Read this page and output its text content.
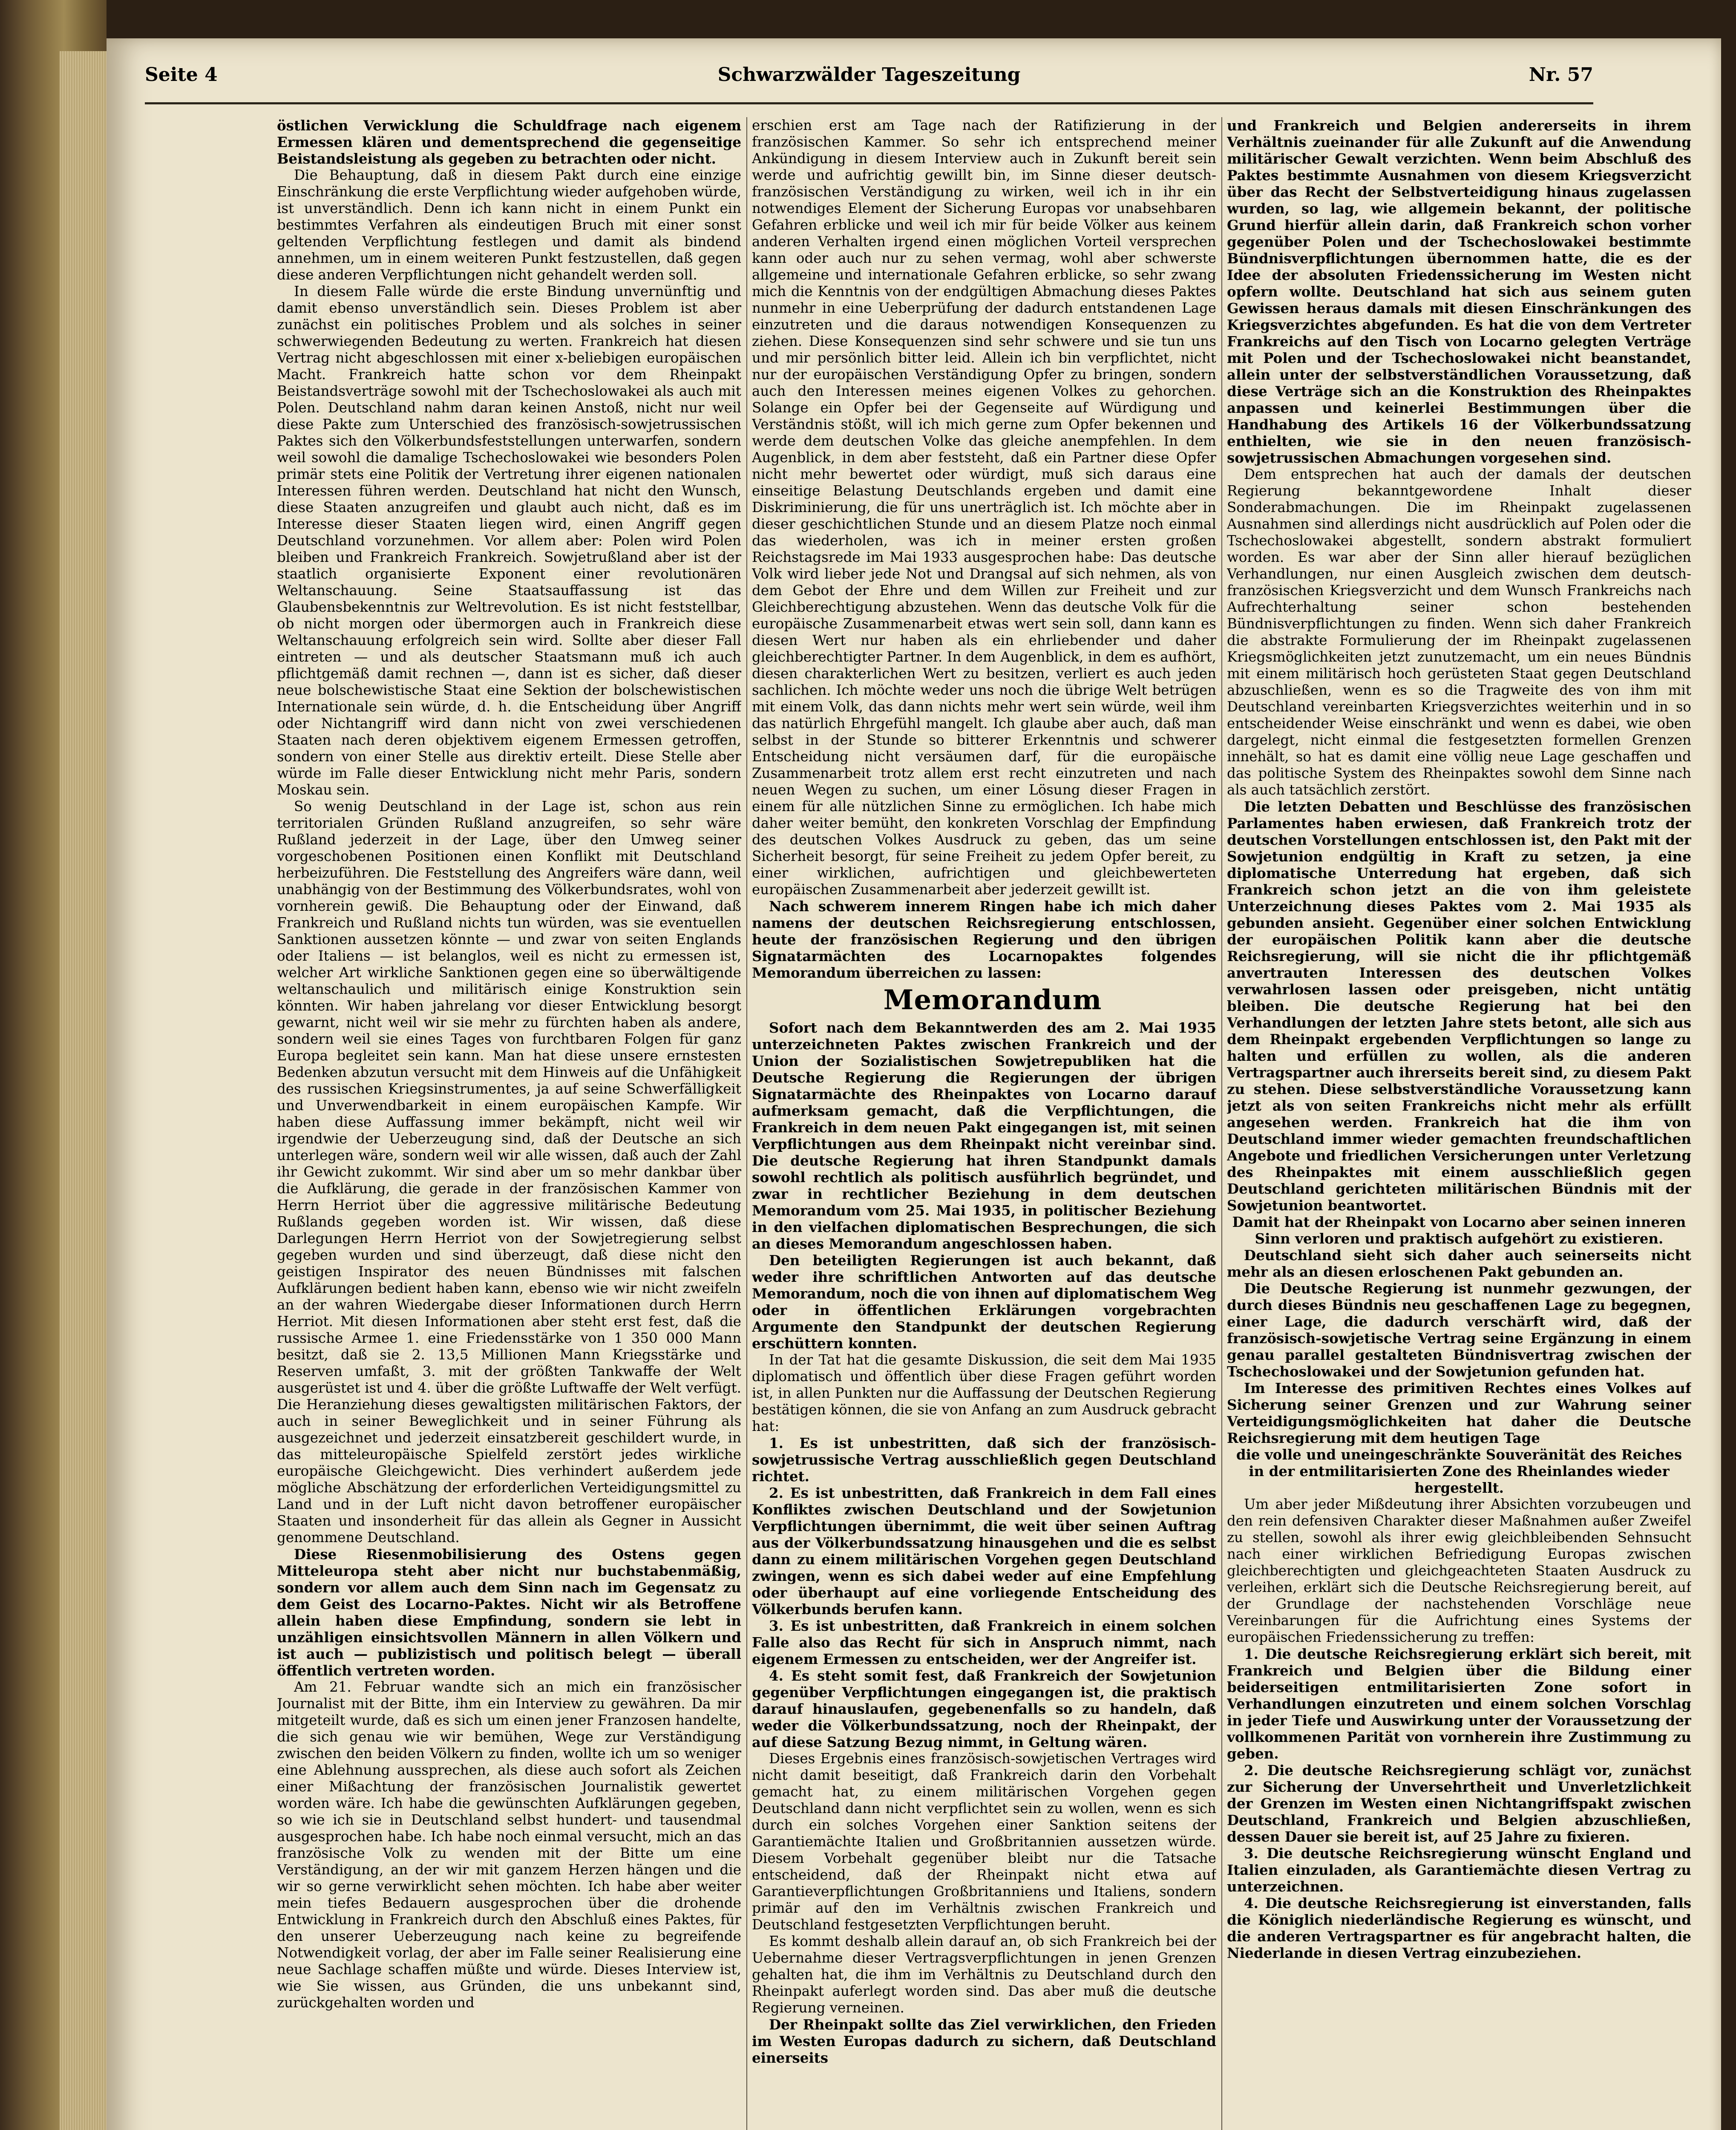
Seite 4	Schwarzwälder Tageszeitung	Nr. 57

östlichen Verwicklung die Schuldfrage nach eigenem Ermessen klären und dementsprechend die gegenseitige Beistandsleistung als gegeben zu betrachten oder nicht.

Die Behauptung, daß in diesem Pakt durch eine einzige Einschränkung die erste Verpflichtung wieder aufgehoben würde, ist unverständlich. Denn ich kann nicht in einem Punkt ein bestimmtes Verfahren als eindeutigen Bruch mit einer sonst geltenden Verpflichtung festlegen und damit als bindend annehmen, um in einem weiteren Punkt festzustellen, daß gegen diese anderen Verpflichtungen nicht gehandelt werden soll.

In diesem Falle würde die erste Bindung unvernünftig und damit ebenso unverständlich sein. Dieses Problem ist aber zunächst ein politisches Problem und als solches in seiner schwerwiegenden Bedeutung zu werten. Frankreich hat diesen Vertrag nicht abgeschlossen mit einer x-beliebigen europäischen Macht. Frankreich hatte schon vor dem Rheinpakt Beistandsverträge sowohl mit der Tschechoslowakei als auch mit Polen. Deutschland nahm daran keinen Anstoß, nicht nur weil diese Pakte zum Unterschied des französisch-sowjetrussischen Paktes sich den Völkerbundsfeststellungen unterwarfen, sondern weil sowohl die damalige Tschechoslowakei wie besonders Polen primär stets eine Politik der Vertretung ihrer eigenen nationalen Interessen führen werden. Deutschland hat nicht den Wunsch, diese Staaten anzugreifen und glaubt auch nicht, daß es im Interesse dieser Staaten liegen wird, einen Angriff gegen Deutschland vorzunehmen. Vor allem aber: Polen wird Polen bleiben und Frankreich Frankreich. Sowjetrußland aber ist der staatlich organisierte Exponent einer revolutionären Weltanschauung. Seine Staatsauffassung ist das Glaubensbekenntnis zur Weltrevolution. Es ist nicht feststellbar, ob nicht morgen oder übermorgen auch in Frankreich diese Weltanschauung erfolgreich sein wird. Sollte aber dieser Fall eintreten — und als deutscher Staatsmann muß ich auch pflichtgemäß damit rechnen —, dann ist es sicher, daß dieser neue bolschewistische Staat eine Sektion der bolschewistischen Internationale sein würde, d. h. die Entscheidung über Angriff oder Nichtangriff wird dann nicht von zwei verschiedenen Staaten nach deren objektivem eigenem Ermessen getroffen, sondern von einer Stelle aus direktiv erteilt. Diese Stelle aber würde im Falle dieser Entwicklung nicht mehr Paris, sondern Moskau sein.

So wenig Deutschland in der Lage ist, schon aus rein territorialen Gründen Rußland anzugreifen, so sehr wäre Rußland jederzeit in der Lage, über den Umweg seiner vorgeschobenen Positionen einen Konflikt mit Deutschland herbeizuführen. Die Feststellung des Angreifers wäre dann, weil unabhängig von der Bestimmung des Völkerbundsrates, wohl von vornherein gewiß. Die Behauptung oder der Einwand, daß Frankreich und Rußland nichts tun würden, was sie eventuellen Sanktionen aussetzen könnte — und zwar von seiten Englands oder Italiens — ist belanglos, weil es nicht zu ermessen ist, welcher Art wirkliche Sanktionen gegen eine so überwältigende weltanschaulich und militärisch einige Konstruktion sein könnten. Wir haben jahrelang vor dieser Entwicklung besorgt gewarnt, nicht weil wir sie mehr zu fürchten haben als andere, sondern weil sie eines Tages von furchtbaren Folgen für ganz Europa begleitet sein kann. Man hat diese unsere ernstesten Bedenken abzutun versucht mit dem Hinweis auf die Unfähigkeit des russischen Kriegsinstrumentes, ja auf seine Schwerfälligkeit und Unverwendbarkeit in einem europäischen Kampfe. Wir haben diese Auffassung immer bekämpft, nicht weil wir irgendwie der Ueberzeugung sind, daß der Deutsche an sich unterlegen wäre, sondern weil wir alle wissen, daß auch der Zahl ihr Gewicht zukommt. Wir sind aber um so mehr dankbar über die Aufklärung, die gerade in der französischen Kammer von Herrn Herriot über die aggressive militärische Bedeutung Rußlands gegeben worden ist. Wir wissen, daß diese Darlegungen Herrn Herriot von der Sowjetregierung selbst gegeben wurden und sind überzeugt, daß diese nicht den geistigen Inspirator des neuen Bündnisses mit falschen Aufklärungen bedient haben kann, ebenso wie wir nicht zweifeln an der wahren Wiedergabe dieser Informationen durch Herrn Herriot. Mit diesen Informationen aber steht erst fest, daß die russische Armee 1. eine Friedensstärke von 1 350 000 Mann besitzt, daß sie 2. 13,5 Millionen Mann Kriegsstärke und Reserven umfaßt, 3. mit der größten Tankwaffe der Welt ausgerüstet ist und 4. über die größte Luftwaffe der Welt verfügt. Die Heranziehung dieses gewaltigsten militärischen Faktors, der auch in seiner Beweglichkeit und in seiner Führung als ausgezeichnet und jederzeit einsatzbereit geschildert wurde, in das mitteleuropäische Spielfeld zerstört jedes wirkliche europäische Gleichgewicht. Dies verhindert außerdem jede mögliche Abschätzung der erforderlichen Verteidigungsmittel zu Land und in der Luft nicht davon betroffener europäischer Staaten und insonderheit für das allein als Gegner in Aussicht genommene Deutschland.

Diese Riesenmobilisierung des Ostens gegen Mitteleuropa steht aber nicht nur buchstabenmäßig, sondern vor allem auch dem Sinn nach im Gegensatz zu dem Geist des Locarno-Paktes. Nicht wir als Betroffene allein haben diese Empfindung, sondern sie lebt in unzähligen einsichtsvollen Männern in allen Völkern und ist auch — publizistisch und politisch belegt — überall öffentlich vertreten worden.

Am 21. Februar wandte sich an mich ein französischer Journalist mit der Bitte, ihm ein Interview zu gewähren. Da mir mitgeteilt wurde, daß es sich um einen jener Franzosen handelte, die sich genau wie wir bemühen, Wege zur Verständigung zwischen den beiden Völkern zu finden, wollte ich um so weniger eine Ablehnung aussprechen, als diese auch sofort als Zeichen einer Mißachtung der französischen Journalistik gewertet worden wäre. Ich habe die gewünschten Aufklärungen gegeben, so wie ich sie in Deutschland selbst hundert- und tausendmal ausgesprochen habe. Ich habe noch einmal versucht, mich an das französische Volk zu wenden mit der Bitte um eine Verständigung, an der wir mit ganzem Herzen hängen und die wir so gerne verwirklicht sehen möchten. Ich habe aber weiter mein tiefes Bedauern ausgesprochen über die drohende Entwicklung in Frankreich durch den Abschluß eines Paktes, für den unserer Ueberzeugung nach keine zu begreifende Notwendigkeit vorlag, der aber im Falle seiner Realisierung eine neue Sachlage schaffen müßte und würde. Dieses Interview ist, wie Sie wissen, aus Gründen, die uns unbekannt sind, zurückgehalten worden und

erschien erst am Tage nach der Ratifizierung in der französischen Kammer. So sehr ich entsprechend meiner Ankündigung in diesem Interview auch in Zukunft bereit sein werde und aufrichtig gewillt bin, im Sinne dieser deutsch-französischen Verständigung zu wirken, weil ich in ihr ein notwendiges Element der Sicherung Europas vor unabsehbaren Gefahren erblicke und weil ich mir für beide Völker aus keinem anderen Verhalten irgend einen möglichen Vorteil versprechen kann oder auch nur zu sehen vermag, wohl aber schwerste allgemeine und internationale Gefahren erblicke, so sehr zwang mich die Kenntnis von der endgültigen Abmachung dieses Paktes nunmehr in eine Ueberprüfung der dadurch entstandenen Lage einzutreten und die daraus notwendigen Konsequenzen zu ziehen. Diese Konsequenzen sind sehr schwere und sie tun uns und mir persönlich bitter leid. Allein ich bin verpflichtet, nicht nur der europäischen Verständigung Opfer zu bringen, sondern auch den Interessen meines eigenen Volkes zu gehorchen. Solange ein Opfer bei der Gegenseite auf Würdigung und Verständnis stößt, will ich mich gerne zum Opfer bekennen und werde dem deutschen Volke das gleiche anempfehlen. In dem Augenblick, in dem aber feststeht, daß ein Partner diese Opfer nicht mehr bewertet oder würdigt, muß sich daraus eine einseitige Belastung Deutschlands ergeben und damit eine Diskriminierung, die für uns unerträglich ist. Ich möchte aber in dieser geschichtlichen Stunde und an diesem Platze noch einmal das wiederholen, was ich in meiner ersten großen Reichstagsrede im Mai 1933 ausgesprochen habe: Das deutsche Volk wird lieber jede Not und Drangsal auf sich nehmen, als von dem Gebot der Ehre und dem Willen zur Freiheit und zur Gleichberechtigung abzustehen. Wenn das deutsche Volk für die europäische Zusammenarbeit etwas wert sein soll, dann kann es diesen Wert nur haben als ein ehrliebender und daher gleichberechtigter Partner. In dem Augenblick, in dem es aufhört, diesen charakterlichen Wert zu besitzen, verliert es auch jeden sachlichen. Ich möchte weder uns noch die übrige Welt betrügen mit einem Volk, das dann nichts mehr wert sein würde, weil ihm das natürlich Ehrgefühl mangelt. Ich glaube aber auch, daß man selbst in der Stunde so bitterer Erkenntnis und schwerer Entscheidung nicht versäumen darf, für die europäische Zusammenarbeit trotz allem erst recht einzutreten und nach neuen Wegen zu suchen, um einer Lösung dieser Fragen in einem für alle nützlichen Sinne zu ermöglichen. Ich habe mich daher weiter bemüht, den konkreten Vorschlag der Empfindung des deutschen Volkes Ausdruck zu geben, das um seine Sicherheit besorgt, für seine Freiheit zu jedem Opfer bereit, zu einer wirklichen, aufrichtigen und gleichbewerteten europäischen Zusammenarbeit aber jederzeit gewillt ist.

Nach schwerem innerem Ringen habe ich mich daher namens der deutschen Reichsregierung entschlossen, heute der französischen Regierung und den übrigen Signatarmächten des Locarnopaktes folgendes Memorandum überreichen zu lassen:

Memorandum

Sofort nach dem Bekanntwerden des am 2. Mai 1935 unterzeichneten Paktes zwischen Frankreich und der Union der Sozialistischen Sowjetrepubliken hat die Deutsche Regierung die Regierungen der übrigen Signatarmächte des Rheinpaktes von Locarno darauf aufmerksam gemacht, daß die Verpflichtungen, die Frankreich in dem neuen Pakt eingegangen ist, mit seinen Verpflichtungen aus dem Rheinpakt nicht vereinbar sind. Die deutsche Regierung hat ihren Standpunkt damals sowohl rechtlich als politisch ausführlich begründet, und zwar in rechtlicher Beziehung in dem deutschen Memorandum vom 25. Mai 1935, in politischer Beziehung in den vielfachen diplomatischen Besprechungen, die sich an dieses Memorandum angeschlossen haben.

Den beteiligten Regierungen ist auch bekannt, daß weder ihre schriftlichen Antworten auf das deutsche Memorandum, noch die von ihnen auf diplomatischem Weg oder in öffentlichen Erklärungen vorgebrachten Argumente den Standpunkt der deutschen Regierung erschüttern konnten.

In der Tat hat die gesamte Diskussion, die seit dem Mai 1935 diplomatisch und öffentlich über diese Fragen geführt worden ist, in allen Punkten nur die Auffassung der Deutschen Regierung bestätigen können, die sie von Anfang an zum Ausdruck gebracht hat:

1. Es ist unbestritten, daß sich der französisch-sowjetrussische Vertrag ausschließlich gegen Deutschland richtet.

2. Es ist unbestritten, daß Frankreich in dem Fall eines Konfliktes zwischen Deutschland und der Sowjetunion Verpflichtungen übernimmt, die weit über seinen Auftrag aus der Völkerbundssatzung hinausgehen und die es selbst dann zu einem militärischen Vorgehen gegen Deutschland zwingen, wenn es sich dabei weder auf eine Empfehlung oder überhaupt auf eine vorliegende Entscheidung des Völkerbunds berufen kann.

3. Es ist unbestritten, daß Frankreich in einem solchen Falle also das Recht für sich in Anspruch nimmt, nach eigenem Ermessen zu entscheiden, wer der Angreifer ist.

4. Es steht somit fest, daß Frankreich der Sowjetunion gegenüber Verpflichtungen eingegangen ist, die praktisch darauf hinauslaufen, gegebenenfalls so zu handeln, daß weder die Völkerbundssatzung, noch der Rheinpakt, der auf diese Satzung Bezug nimmt, in Geltung wären.

Dieses Ergebnis eines französisch-sowjetischen Vertrages wird nicht damit beseitigt, daß Frankreich darin den Vorbehalt gemacht hat, zu einem militärischen Vorgehen gegen Deutschland dann nicht verpflichtet sein zu wollen, wenn es sich durch ein solches Vorgehen einer Sanktion seitens der Garantiemächte Italien und Großbritannien aussetzen würde. Diesem Vorbehalt gegenüber bleibt nur die Tatsache entscheidend, daß der Rheinpakt nicht etwa auf Garantieverpflichtungen Großbritanniens und Italiens, sondern primär auf den im Verhältnis zwischen Frankreich und Deutschland festgesetzten Verpflichtungen beruht.

Es kommt deshalb allein darauf an, ob sich Frankreich bei der Uebernahme dieser Vertragsverpflichtungen in jenen Grenzen gehalten hat, die ihm im Verhältnis zu Deutschland durch den Rheinpakt auferlegt worden sind. Das aber muß die deutsche Regierung verneinen.

Der Rheinpakt sollte das Ziel verwirklichen, den Frieden im Westen Europas dadurch zu sichern, daß Deutschland einerseits

und Frankreich und Belgien andererseits in ihrem Verhältnis zueinander für alle Zukunft auf die Anwendung militärischer Gewalt verzichten. Wenn beim Abschluß des Paktes bestimmte Ausnahmen von diesem Kriegsverzicht über das Recht der Selbstverteidigung hinaus zugelassen wurden, so lag, wie allgemein bekannt, der politische Grund hierfür allein darin, daß Frankreich schon vorher gegenüber Polen und der Tschechoslowakei bestimmte Bündnisverpflichtungen übernommen hatte, die es der Idee der absoluten Friedenssicherung im Westen nicht opfern wollte. Deutschland hat sich aus seinem guten Gewissen heraus damals mit diesen Einschränkungen des Kriegsverzichtes abgefunden. Es hat die von dem Vertreter Frankreichs auf den Tisch von Locarno gelegten Verträge mit Polen und der Tschechoslowakei nicht beanstandet, allein unter der selbstverständlichen Voraussetzung, daß diese Verträge sich an die Konstruktion des Rheinpaktes anpassen und keinerlei Bestimmungen über die Handhabung des Artikels 16 der Völkerbundssatzung enthielten, wie sie in den neuen französisch-sowjetrussischen Abmachungen vorgesehen sind.

Dem entsprechen hat auch der damals der deutschen Regierung bekanntgewordene Inhalt dieser Sonderabmachungen. Die im Rheinpakt zugelassenen Ausnahmen sind allerdings nicht ausdrücklich auf Polen oder die Tschechoslowakei abgestellt, sondern abstrakt formuliert worden. Es war aber der Sinn aller hierauf bezüglichen Verhandlungen, nur einen Ausgleich zwischen dem deutsch-französischen Kriegsverzicht und dem Wunsch Frankreichs nach Aufrechterhaltung seiner schon bestehenden Bündnisverpflichtungen zu finden. Wenn sich daher Frankreich die abstrakte Formulierung der im Rheinpakt zugelassenen Kriegsmöglichkeiten jetzt zunutzemacht, um ein neues Bündnis mit einem militärisch hoch gerüsteten Staat gegen Deutschland abzuschließen, wenn es so die Tragweite des von ihm mit Deutschland vereinbarten Kriegsverzichtes weiterhin und in so entscheidender Weise einschränkt und wenn es dabei, wie oben dargelegt, nicht einmal die festgesetzten formellen Grenzen innehält, so hat es damit eine völlig neue Lage geschaffen und das politische System des Rheinpaktes sowohl dem Sinne nach als auch tatsächlich zerstört.

Die letzten Debatten und Beschlüsse des französischen Parlamentes haben erwiesen, daß Frankreich trotz der deutschen Vorstellungen entschlossen ist, den Pakt mit der Sowjetunion endgültig in Kraft zu setzen, ja eine diplomatische Unterredung hat ergeben, daß sich Frankreich schon jetzt an die von ihm geleistete Unterzeichnung dieses Paktes vom 2. Mai 1935 als gebunden ansieht. Gegenüber einer solchen Entwicklung der europäischen Politik kann aber die deutsche Reichsregierung, will sie nicht die ihr pflichtgemäß anvertrauten Interessen des deutschen Volkes verwahrlosen lassen oder preisgeben, nicht untätig bleiben. Die deutsche Regierung hat bei den Verhandlungen der letzten Jahre stets betont, alle sich aus dem Rheinpakt ergebenden Verpflichtungen so lange zu halten und erfüllen zu wollen, als die anderen Vertragspartner auch ihrerseits bereit sind, zu diesem Pakt zu stehen. Diese selbstverständliche Voraussetzung kann jetzt als von seiten Frankreichs nicht mehr als erfüllt angesehen werden. Frankreich hat die ihm von Deutschland immer wieder gemachten freundschaftlichen Angebote und friedlichen Versicherungen unter Verletzung des Rheinpaktes mit einem ausschließlich gegen Deutschland gerichteten militärischen Bündnis mit der Sowjetunion beantwortet.

Damit hat der Rheinpakt von Locarno aber seinen inneren Sinn verloren und praktisch aufgehört zu existieren.

Deutschland sieht sich daher auch seinerseits nicht mehr als an diesen erloschenen Pakt gebunden an.

Die Deutsche Regierung ist nunmehr gezwungen, der durch dieses Bündnis neu geschaffenen Lage zu begegnen, einer Lage, die dadurch verschärft wird, daß der französisch-sowjetische Vertrag seine Ergänzung in einem genau parallel gestalteten Bündnisvertrag zwischen der Tschechoslowakei und der Sowjetunion gefunden hat.

Im Interesse des primitiven Rechtes eines Volkes auf Sicherung seiner Grenzen und zur Wahrung seiner Verteidigungsmöglichkeiten hat daher die Deutsche Reichsregierung mit dem heutigen Tage

die volle und uneingeschränkte Souveränität des Reiches in der entmilitarisierten Zone des Rheinlandes wieder hergestellt.

Um aber jeder Mißdeutung ihrer Absichten vorzubeugen und den rein defensiven Charakter dieser Maßnahmen außer Zweifel zu stellen, sowohl als ihrer ewig gleichbleibenden Sehnsucht nach einer wirklichen Befriedigung Europas zwischen gleichberechtigten und gleichgeachteten Staaten Ausdruck zu verleihen, erklärt sich die Deutsche Reichsregierung bereit, auf der Grundlage der nachstehenden Vorschläge neue Vereinbarungen für die Aufrichtung eines Systems der europäischen Friedenssicherung zu treffen:

1. Die deutsche Reichsregierung erklärt sich bereit, mit Frankreich und Belgien über die Bildung einer beiderseitigen entmilitarisierten Zone sofort in Verhandlungen einzutreten und einem solchen Vorschlag in jeder Tiefe und Auswirkung unter der Voraussetzung der vollkommenen Parität von vornherein ihre Zustimmung zu geben.

2. Die deutsche Reichsregierung schlägt vor, zunächst zur Sicherung der Unversehrtheit und Unverletzlichkeit der Grenzen im Westen einen Nichtangriffspakt zwischen Deutschland, Frankreich und Belgien abzuschließen, dessen Dauer sie bereit ist, auf 25 Jahre zu fixieren.

3. Die deutsche Reichsregierung wünscht England und Italien einzuladen, als Garantiemächte diesen Vertrag zu unterzeichnen.

4. Die deutsche Reichsregierung ist einverstanden, falls die Königlich niederländische Regierung es wünscht, und die anderen Vertragspartner es für angebracht halten, die Niederlande in diesen Vertrag einzubeziehen.
